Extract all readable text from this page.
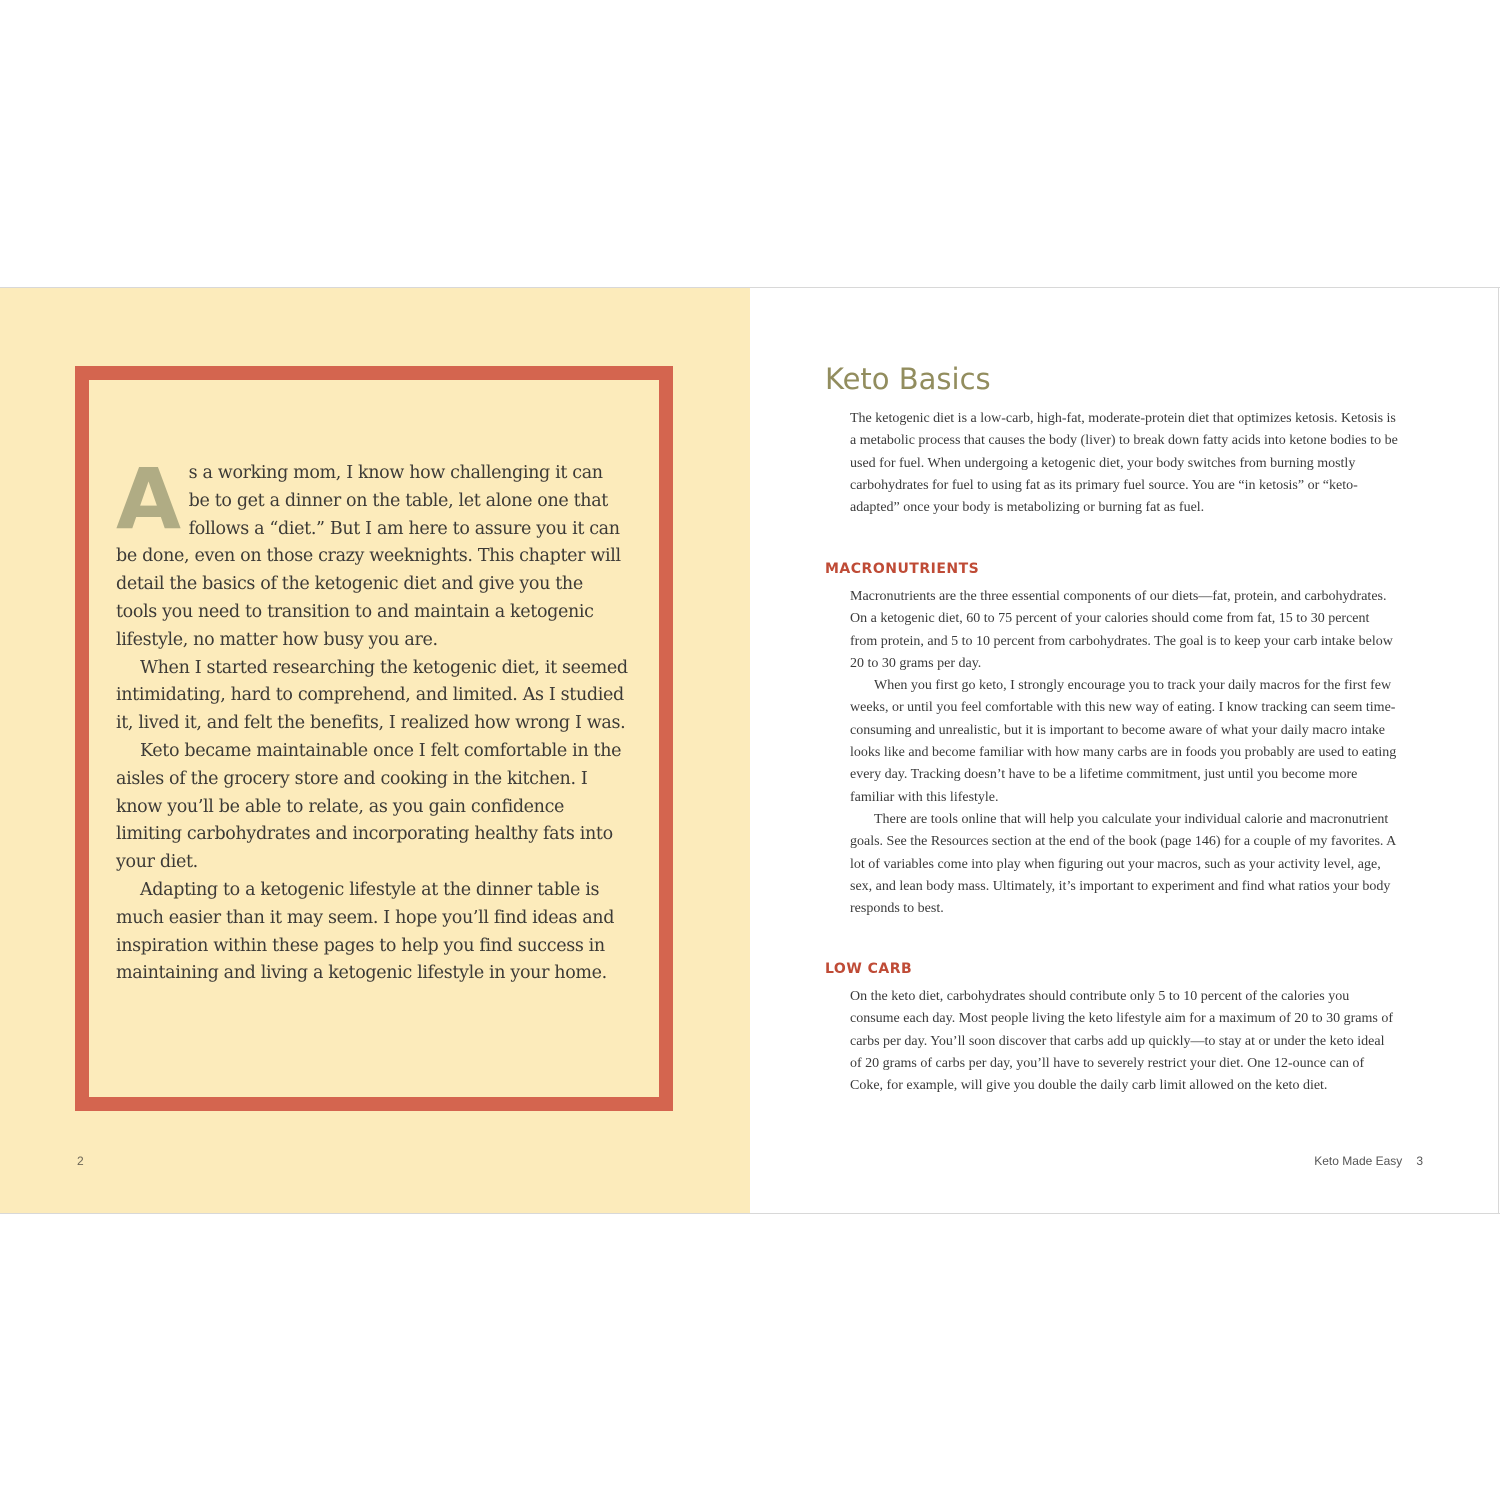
As a working mom, I know how challenging it can be to get a dinner on the table, let alone one that follows a “diet.” But I am here to assure you it can be done, even on those crazy weeknights. This chapter will detail the basics of the ketogenic diet and give you the tools you need to transition to and maintain a ketogenic lifestyle, no matter how busy you are.

When I started researching the ketogenic diet, it seemed intimidating, hard to comprehend, and limited. As I studied it, lived it, and felt the benefits, I realized how wrong I was.

Keto became maintainable once I felt comfortable in the aisles of the grocery store and cooking in the kitchen. I know you’ll be able to relate, as you gain confidence limiting carbohydrates and incorporating healthy fats into your diet.

Adapting to a ketogenic lifestyle at the dinner table is much easier than it may seem. I hope you’ll find ideas and inspiration within these pages to help you find success in maintaining and living a ketogenic lifestyle in your home.

2
Keto Basics

The ketogenic diet is a low-carb, high-fat, moderate-protein diet that optimizes ketosis. Ketosis is a metabolic process that causes the body (liver) to break down fatty acids into ketone bodies to be used for fuel. When undergoing a ketogenic diet, your body switches from burning mostly carbohydrates for fuel to using fat as its primary fuel source. You are “in ketosis” or “keto-adapted” once your body is metabolizing or burning fat as fuel.

MACRONUTRIENTS

Macronutrients are the three essential components of our diets—fat, protein, and carbohydrates. On a ketogenic diet, 60 to 75 percent of your calories should come from fat, 15 to 30 percent from protein, and 5 to 10 percent from carbohydrates. The goal is to keep your carb intake below 20 to 30 grams per day.

When you first go keto, I strongly encourage you to track your daily macros for the first few weeks, or until you feel comfortable with this new way of eating. I know tracking can seem time-consuming and unrealistic, but it is important to become aware of what your daily macro intake looks like and become familiar with how many carbs are in foods you probably are used to eating every day. Tracking doesn’t have to be a lifetime commitment, just until you become more familiar with this lifestyle.

There are tools online that will help you calculate your individual calorie and macronutrient goals. See the Resources section at the end of the book (page 146) for a couple of my favorites. A lot of variables come into play when figuring out your macros, such as your activity level, age, sex, and lean body mass. Ultimately, it’s important to experiment and find what ratios your body responds to best.

LOW CARB

On the keto diet, carbohydrates should contribute only 5 to 10 percent of the calories you consume each day. Most people living the keto lifestyle aim for a maximum of 20 to 30 grams of carbs per day. You’ll soon discover that carbs add up quickly—to stay at or under the keto ideal of 20 grams of carbs per day, you’ll have to severely restrict your diet. One 12-ounce can of Coke, for example, will give you double the daily carb limit allowed on the keto diet.

Keto Made Easy 3
